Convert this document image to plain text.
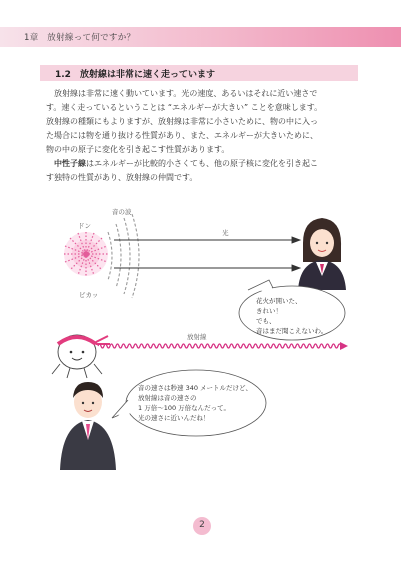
1章　放射線って何ですか？
1.2　放射線は非常に速く走っています

　放射線は非常に速く動いています。光の速度、あるいはそれに近い速さで

す。速く走っているということは “エネルギーが大きい” ことを意味します。

放射線の種類にもよりますが、放射線は非常に小さいために、物の中に入っ

た場合には物を通り抜ける性質があり、また、エネルギーが大きいために、

物の中の原子に変化を引き起こす性質があります。

　中性子線はエネルギーが比較的小さくても、他の原子核に変化を引き起こ

す独特の性質があり、放射線の仲間です。

音の波
ドン
ピカッ
光
放射線

花火が開いた、

きれい！

でも、

音はまだ聞こえないわ。

音の速さは秒速 340 メートルだけど、

放射線は音の速さの

1 万倍～100 万倍なんだって。

光の速さに近いんだね！

2
